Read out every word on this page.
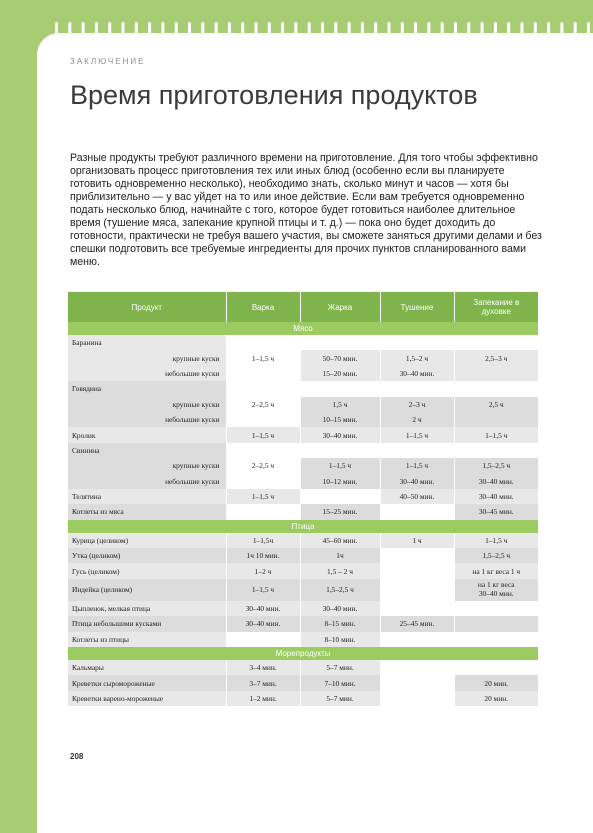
ЗАКЛЮЧЕНИЕ
Время приготовления продуктов

Разные продукты требуют различного времени на приготовление. Для того чтобы эффективно организовать процесс приготовления тех или иных блюд (особенно если вы планируете готовить одновременно несколько), необходимо знать, сколько минут и часов — хотя бы приблизительно — у вас уйдет на то или иное действие. Если вам требуется одновременно подать несколько блюд, начинайте с того, которое будет готовиться наиболее длительное время (тушение мяса, запекание крупной птицы и т. д.) — пока оно будет доходить до готовности, практически не требуя вашего участия, вы сможете заняться другими делами и без спешки подготовить все требуемые ингредиенты для прочих пунктов спланированного вами меню.

Продукт	Варка	Жарка	Тушение	Запекание в духовке
Мясо				
Баранина	1–1,5 ч			
крупные куски		50–70 мин.	1,5–2 ч	2,5–3 ч
небольшие куски		15–20 мин.	30–40 мин.	
Говядина	2–2,5 ч			
крупные куски		1,5 ч	2–3 ч	2,5 ч
небольшие куски		10–15 мин.	2 ч	
Кролик	1–1,5 ч	30–40 мин.	1–1,5 ч	1–1,5 ч
Свинина	2–2,5 ч			
крупные куски		1–1,5 ч	1–1,5 ч	1,5–2,5 ч
небольшие куски		10–12 мин.	30–40 мин.	30–40 мин.
Телятина	1–1,5 ч		40–50 мин.	30–40 мин.
Котлеты из мяса		15–25 мин.		30–45 мин.
Птица				
Курица (целиком)	1–1,5ч	45–60 мин.	1 ч	1–1,5 ч
Утка (целиком)	1ч 10 мин.	1ч		1,5–2,5 ч
Гусь (целиком)	1–2 ч	1,5 – 2 ч		на 1 кг веса 1 ч
Индейка (целиком)	1–1,5 ч	1,5–2,5 ч		на 1 кг веса
30–40 мин.
Цыпленок, мелкая птица	30–40 мин.	30–40 мин.		
Птица небольшими кусками	30–40 мин.	8–15 мин.	25–45 мин.	
Котлеты из птицы		8–10 мин.		
Морепродукты				
Кальмары	3–4 мин.	5–7 мин.		
Креветки сыромороженые	3–7 мин.	7–10 мин.		20 мин.
Креветки варено-мороженые	1–2 мин.	5–7 мин.		20 мин.
208
